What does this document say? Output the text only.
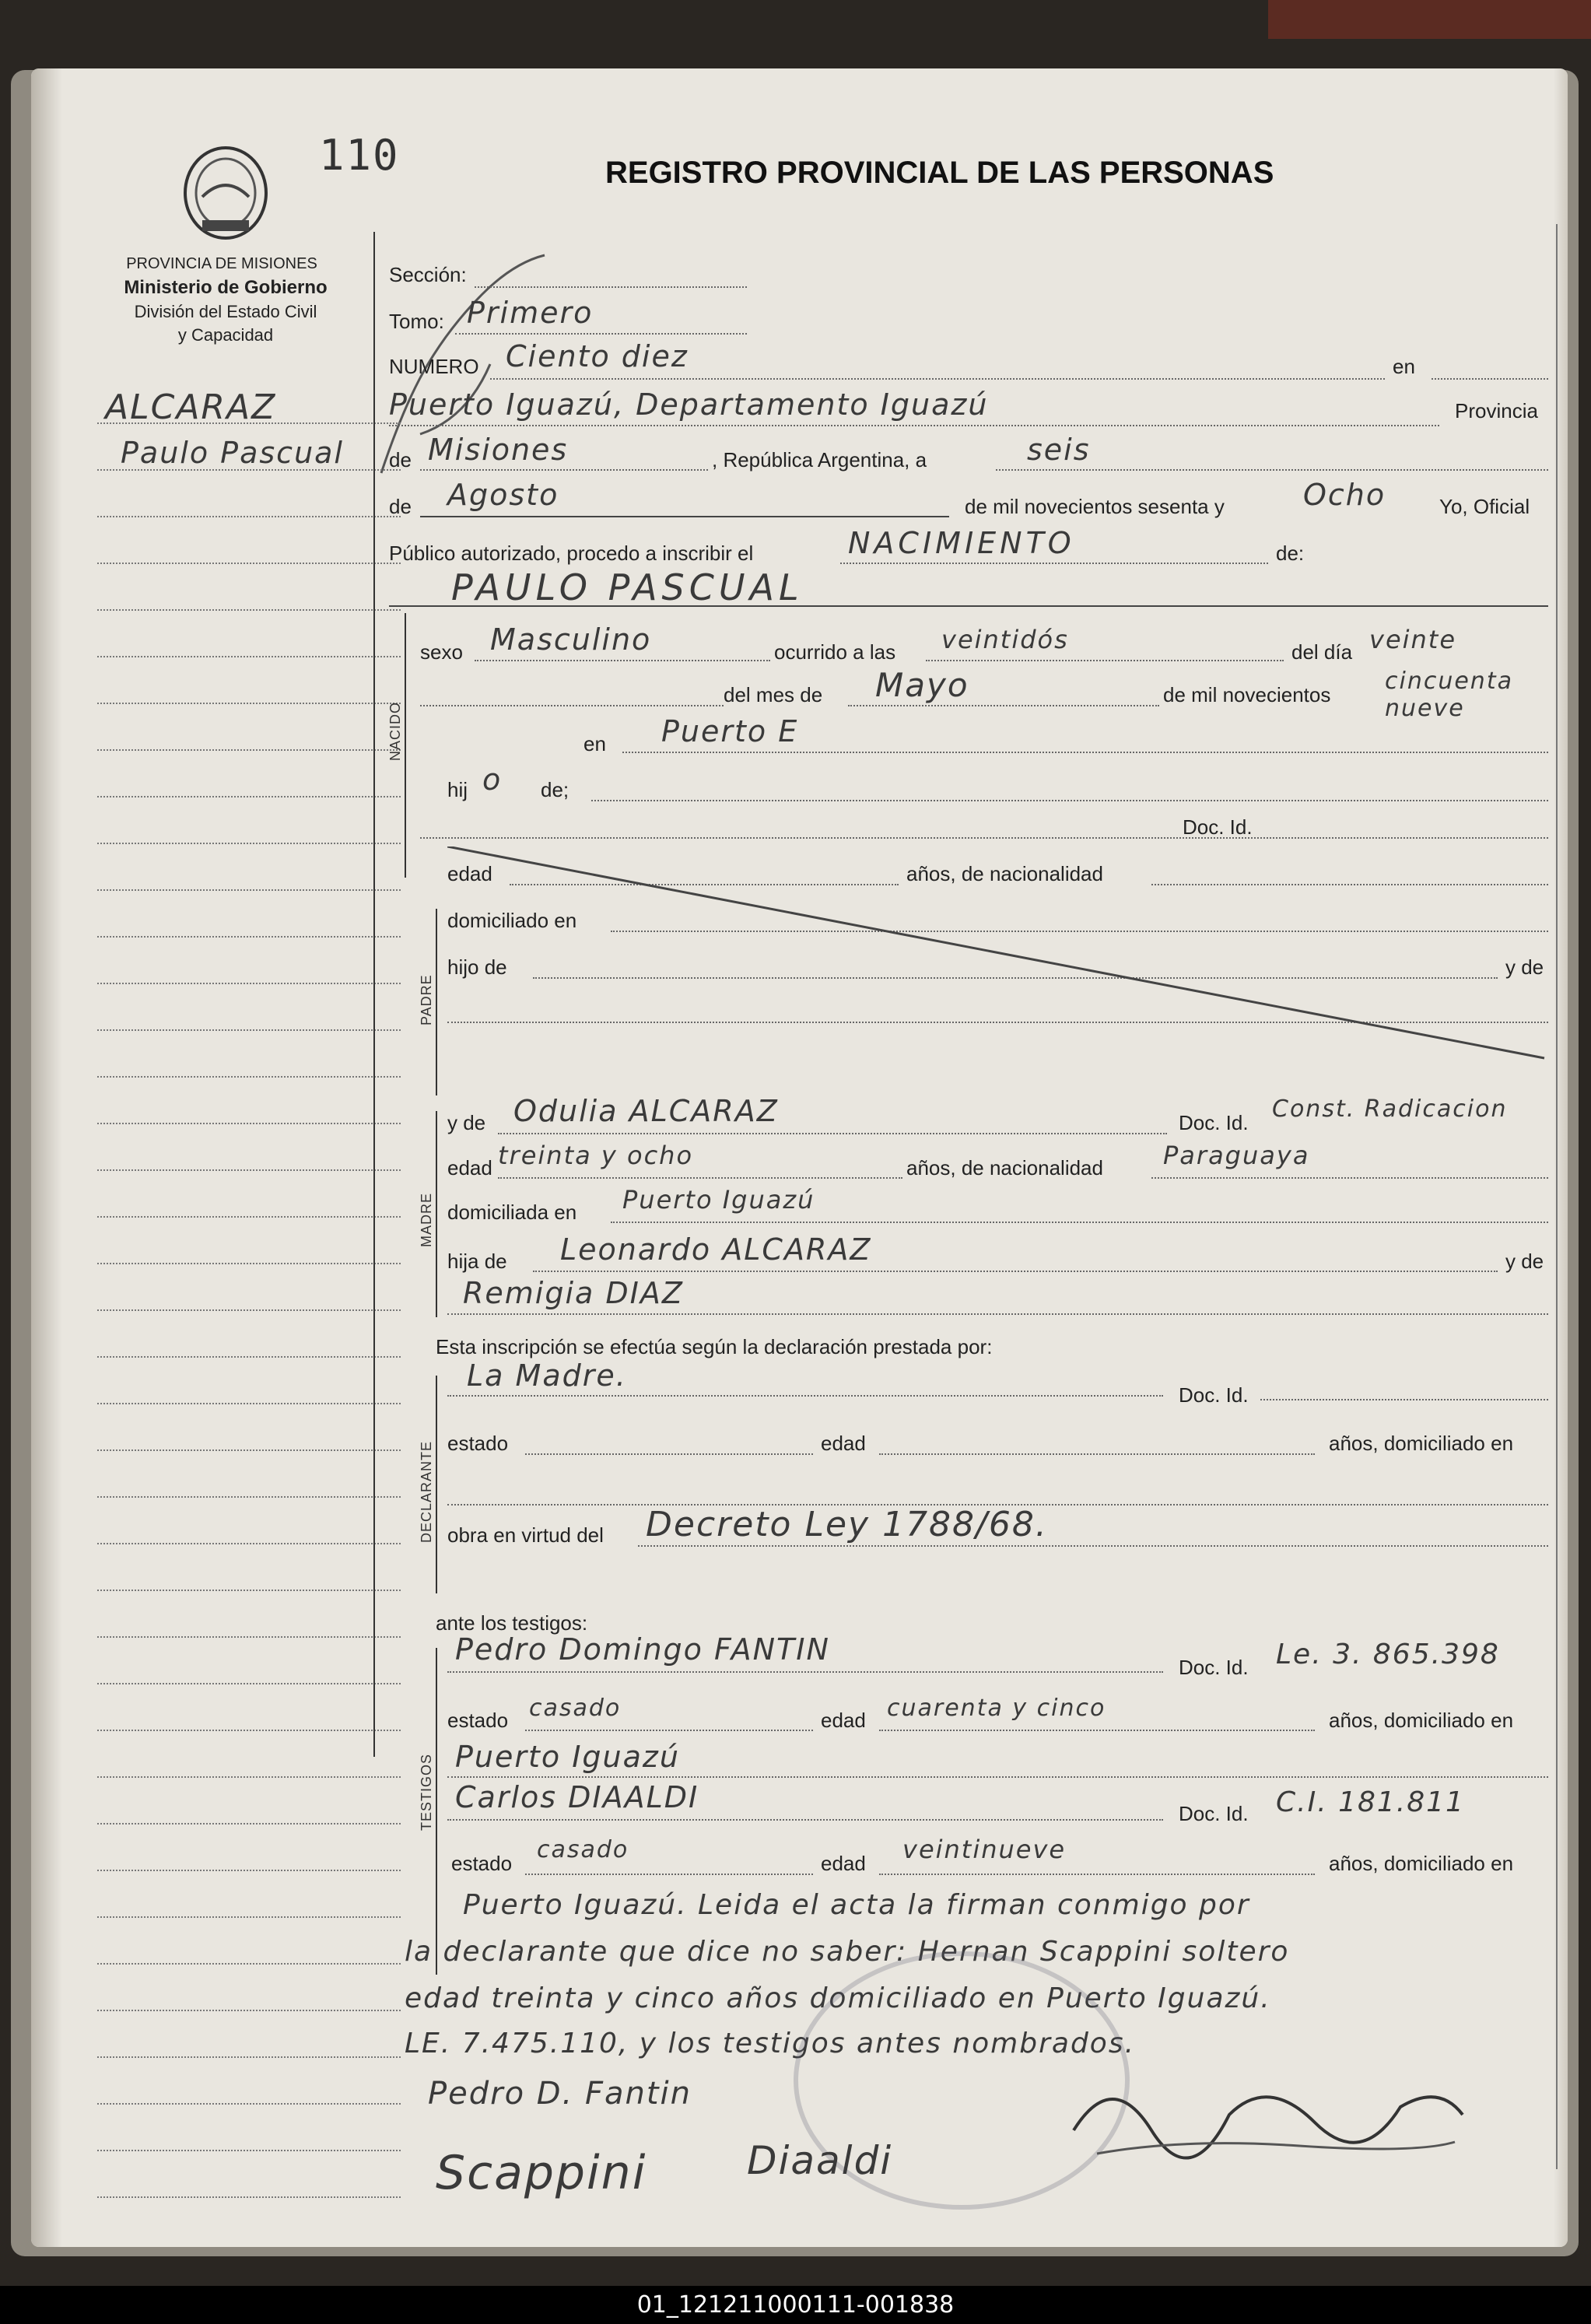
110	REGISTRO PROVINCIAL DE LAS PERSONAS
PROVINCIA DE MISIONES
Ministerio de Gobierno
División del Estado Civil
y Capacidad
ALCARAZ
Paulo Pascual
Sección:
Tomo: Primero
NUMERO Ciento diez	en
Puerto Iguazú, Departamento Iguazú	Provincia
de Misiones	, República Argentina, a	seis
de Agosto	de mil novecientos sesenta y	Ocho	Yo, Oficial
Público autorizado, procedo a inscribir el	NACIMIENTO	de:
PAULO PASCUAL
NACIDO
sexo Masculino	ocurrido a las veintidós	del día veinte
del mes de Mayo	de mil novecientos cincuenta nueve
en Puerto E
hij o de;
Doc. Id.
PADRE
edad	años, de nacionalidad
domiciliado en
hijo de	y de
MADRE
y de Odulia ALCARAZ	Doc. Id. Const. Radicacion
edad treinta y ocho	años, de nacionalidad Paraguaya
domiciliada en Puerto Iguazú
hija de Leonardo ALCARAZ	y de
Remigia DIAZ
Esta inscripción se efectúa según la declaración prestada por:
DECLARANTE
La Madre.
Doc. Id.
estado	edad	años, domiciliado en
obra en virtud del Decreto Ley 1788/68.
ante los testigos:
TESTIGOS
Pedro Domingo FANTIN
Doc. Id. Le. 3. 865.398
estado casado	edad cuarenta y cinco	años, domiciliado en
Puerto Iguazú
Carlos DIAALDI	Doc. Id. C.I. 181.811
estado casado	edad veintinueve	años, domiciliado en
Puerto Iguazú. Leida el acta la firman conmigo por
la declarante que dice no saber: Hernan Scappini soltero
edad treinta y cinco años domiciliado en Puerto Iguazú.
LE. 7.475.110, y los testigos antes nombrados.
Pedro D. Fantin
Scappini	Diaaldi
01_121211000111-001838
